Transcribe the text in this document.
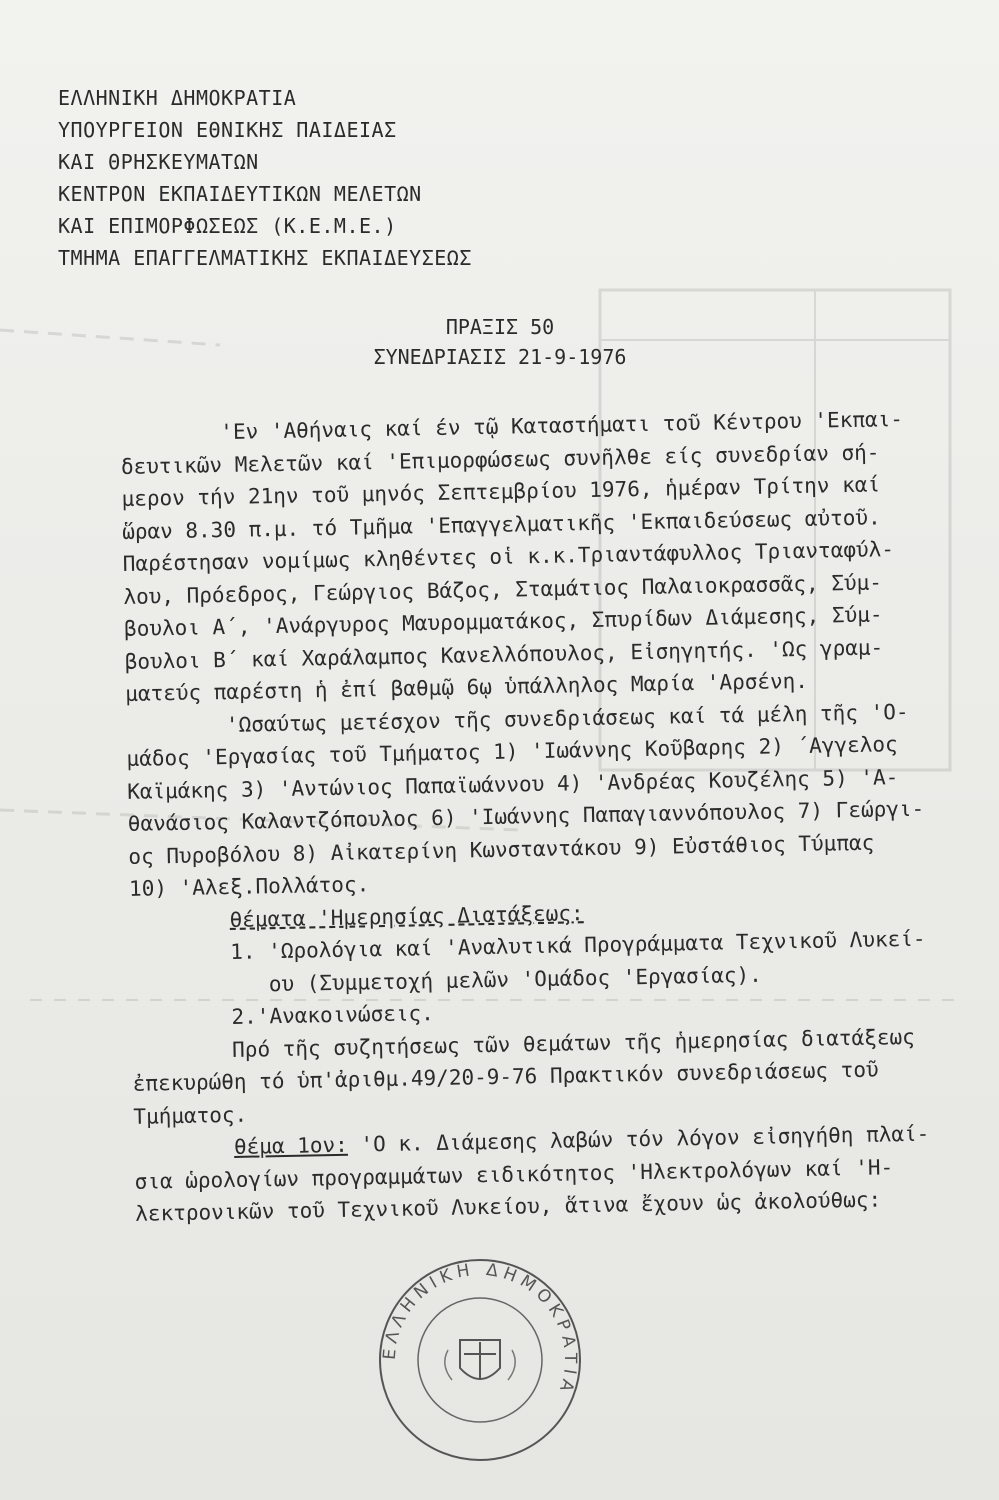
ΕΛΛΗΝΙΚΗ ΔΗΜΟΚΡΑΤΙΑ
ΥΠΟΥΡΓΕΙΟΝ ΕΘΝΙΚΗΣ ΠΑΙΔΕΙΑΣ
ΚΑΙ ΘΡΗΣΚΕΥΜΑΤΩΝ
ΚΕΝΤΡΟΝ ΕΚΠΑΙΔΕΥΤΙΚΩΝ ΜΕΛΕΤΩΝ
ΚΑΙ ΕΠΙΜΟΡΦΩΣΕΩΣ (Κ.Ε.Μ.Ε.)
ΤΜΗΜΑ ΕΠΑΓΓΕΛΜΑΤΙΚΗΣ ΕΚΠΑΙΔΕΥΣΕΩΣ
ΠΡΑΞΙΣ 50
ΣΥΝΕΔΡΙΑΣΙΣ 21-9-1976

'Εν 'Αθήναις καί έν τῷ Καταστήματι τοῦ Κέντρου 'Εκπαι-

δευτικῶν Μελετῶν καί 'Επιμορφώσεως συνῆλθε είς συνεδρίαν σή-

μερον τήν 21ην τοῦ μηνός Σεπτεμβρίου 1976, ἡμέραν Τρίτην καί

ὥραν 8.30 π.μ. τό Τμῆμα 'Επαγγελματικῆς 'Εκπαιδεύσεως αὐτοῦ.

Παρέστησαν νομίμως κληθέντες οἱ κ.κ.Τριαντάφυλλος Τριανταφύλ-

λου, Πρόεδρος, Γεώργιος Βάζος, Σταμάτιος Παλαιοκρασσᾶς, Σύμ-

βουλοι Α΄, 'Ανάργυρος Μαυρομματάκος, Σπυρίδων Διάμεσης, Σύμ-

βουλοι Β΄ καί Χαράλαμπος Κανελλόπουλος, Εἰσηγητής. 'Ως γραμ-

ματεύς παρέστη ἡ ἐπί βαθμῷ 6ῳ ὑπάλληλος Μαρία 'Αρσένη.

'Ωσαύτως μετέσχον τῆς συνεδριάσεως καί τά μέλη τῆς 'Ο-

μάδος 'Εργασίας τοῦ Τμήματος 1) 'Ιωάννης Κοῦβαρης 2) ΄Αγγελος

Καϊμάκης 3) 'Αντώνιος Παπαϊωάννου 4) 'Ανδρέας Κουζέλης 5) 'Α-

θανάσιος Καλαντζόπουλος 6) 'Ιωάννης Παπαγιαννόπουλος 7) Γεώργι-

ος Πυροβόλου 8) Αἰκατερίνη Κωνσταντάκου 9) Εὐστάθιος Τύμπας

10) 'Αλεξ.Πολλάτος.

θέματα 'Ημερησίας Διατάξεως:

1. 'Ωρολόγια καί 'Αναλυτικά Προγράμματα Τεχνικοῦ Λυκεί-

ου (Συμμετοχή μελῶν 'Ομάδος 'Εργασίας).

2.'Ανακοινώσεις.

Πρό τῆς συζητήσεως τῶν θεμάτων τῆς ἡμερησίας διατάξεως

ἐπεκυρώθη τό ὑπ'ἀριθμ.49/20-9-76 Πρακτικόν συνεδριάσεως τοῦ

Τμήματος.

θέμα 1ον: 'Ο κ. Διάμεσης λαβών τόν λόγον εἰσηγήθη πλαί-

σια ὡρολογίων προγραμμάτων ειδικότητος 'Ηλεκτρολόγων καί 'Η-

λεκτρονικῶν τοῦ Τεχνικοῦ Λυκείου, ἅτινα ἔχουν ὡς ἀκολούθως:

ΕΛΛΗΝΙΚΗ ΔΗΜΟΚΡΑΤΙΑ
